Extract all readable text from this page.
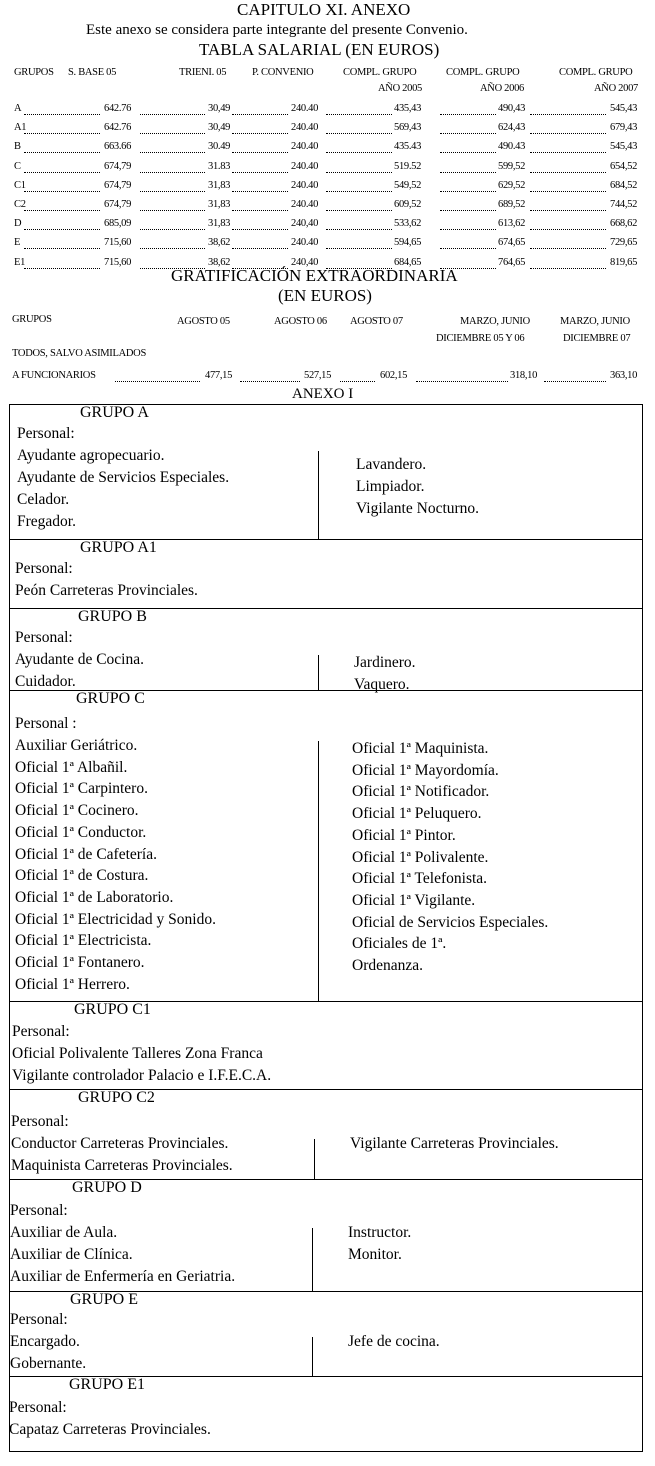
CAPITULO XI. ANEXO
Este anexo se considera parte integrante del presente Convenio.
TABLA SALARIAL (EN EUROS)
GRUPOS S. BASE 05	TRIENI. 05 P. CONVENIO	COMPL. GRUPO	COMPL. GRUPO	COMPL. GRUPO
AÑO 2005	AÑO 2006	AÑO 2007
A	642.76	30,49	240.40	435,43	490,43	545,43
A1	642.76	30,49	240.40	569,43	624,43	679,43
B	663.66	30.49	240.40	435.43	490.43	545,43
C	674,79	31.83	240.40	519.52	599,52	654,52
C1	674,79	31,83	240.40	549,52	629,52	684,52
C2	674,79	31,83	240.40	609,52	689,52	744,52
D	685,09	31,83	240,40	533,62	613,62	668,62
E	715,60	38,62	240.40	594,65	674,65	729,65
E1	715,60	38,62	240,40	684,65	764,65	819,65
GRATIFICACIÓN EXTRAORDINARIA
(EN EUROS)
GRUPOS	AGOSTO 05	AGOSTO 06 AGOSTO 07	MARZO, JUNIO	MARZO, JUNIO
DICIEMBRE 05 Y 06	DICIEMBRE 07
TODOS, SALVO ASIMILADOS
A FUNCIONARIOS	477,15	527,15	602,15	318,10	363,10
ANEXO I
GRUPO A
Personal:
Ayudante agropecuario.
Ayudante de Servicios Especiales.
Celador.
Fregador.
Lavandero.
Limpiador.
Vigilante Nocturno.
GRUPO A1
Personal:
Peón Carreteras Provinciales.
GRUPO B
Personal:
Ayudante de Cocina.
Cuidador.
Jardinero.
Vaquero.
GRUPO C
Personal :
Auxiliar Geriátrico.
Oficial 1ª Albañil.
Oficial 1ª Carpintero.
Oficial 1ª Cocinero.
Oficial 1ª Conductor.
Oficial 1ª de Cafetería.
Oficial 1ª de Costura.
Oficial 1ª de Laboratorio.
Oficial 1ª Electricidad y Sonido.
Oficial 1ª Electricista.
Oficial 1ª Fontanero.
Oficial 1ª Herrero.
Oficial 1ª Maquinista.
Oficial 1ª Mayordomía.
Oficial 1ª Notificador.
Oficial 1ª Peluquero.
Oficial 1ª Pintor.
Oficial 1ª Polivalente.
Oficial 1ª Telefonista.
Oficial 1ª Vigilante.
Oficial de Servicios Especiales.
Oficiales de 1ª.
Ordenanza.
GRUPO C1
Personal:
Oficial Polivalente Talleres Zona Franca
Vigilante controlador Palacio e I.F.E.C.A.
GRUPO C2
Personal:
Conductor Carreteras Provinciales.
Maquinista Carreteras Provinciales.
Vigilante Carreteras Provinciales.
GRUPO D
Personal:
Auxiliar de Aula.
Auxiliar de Clínica.
Auxiliar de Enfermería en Geriatria.
Instructor.
Monitor.
GRUPO E
Personal:
Encargado.
Gobernante.
Jefe de cocina.
GRUPO E1
Personal:
Capataz Carreteras Provinciales.
